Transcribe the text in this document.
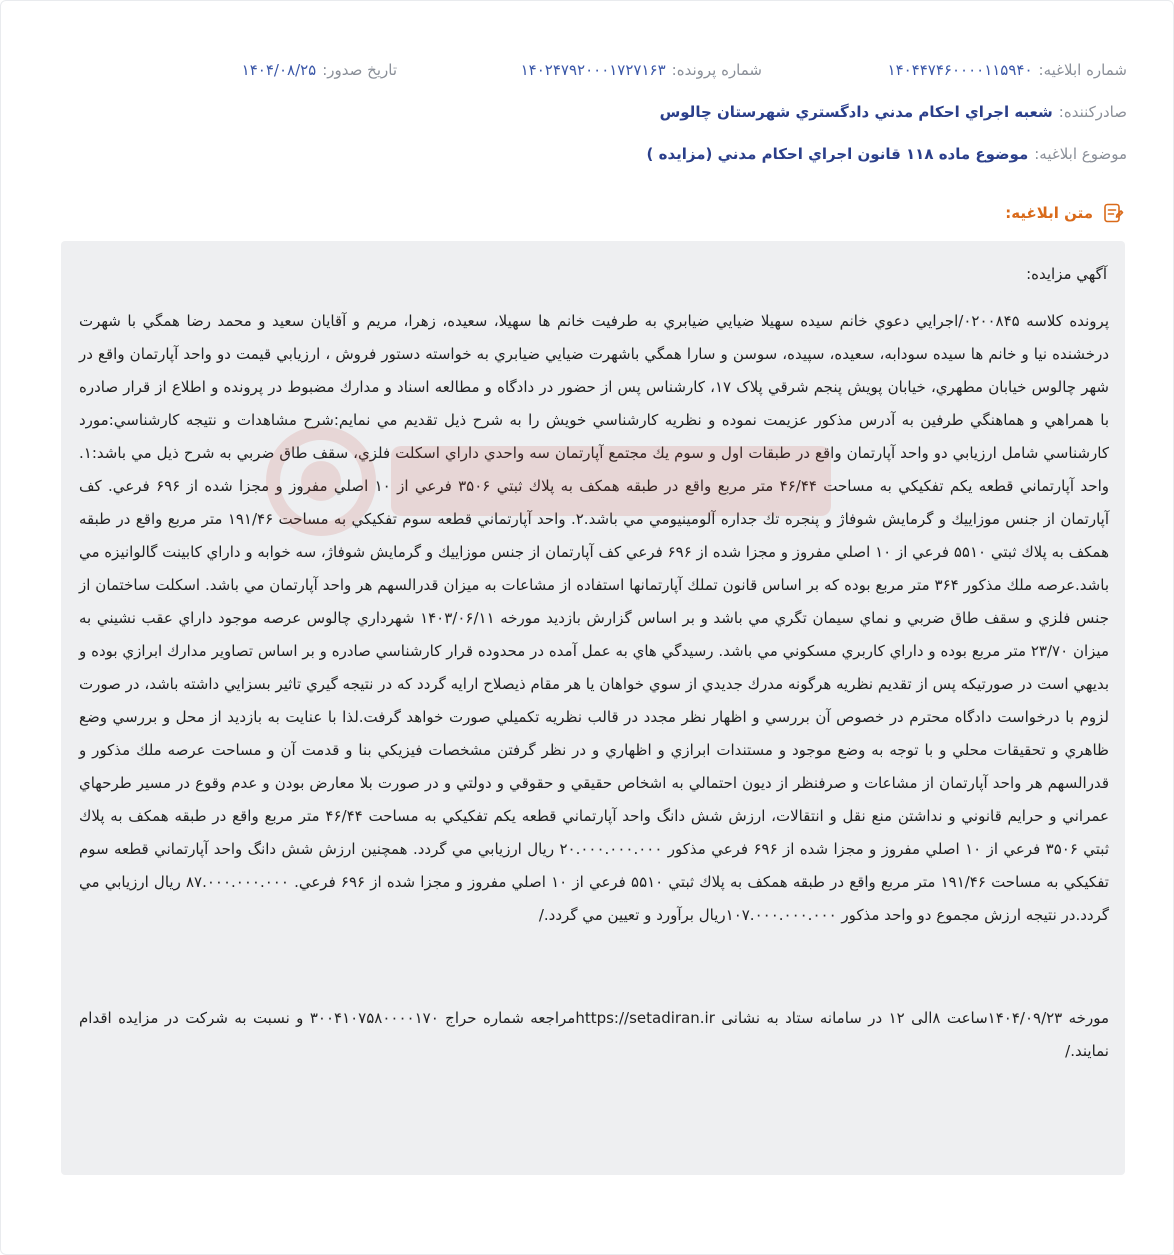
شماره ابلاغیه:
۱۴۰۴۴۷۴۶۰۰۰۰۱۱۵۹۴۰
شماره پرونده:
۱۴۰۲۴۷۹۲۰۰۰۱۷۲۷۱۶۳
تاریخ صدور:
۱۴۰۴/۰۸/۲۵
صادرکننده:
شعبه اجراي احکام مدني دادگستري شهرستان چالوس
موضوع ابلاغیه:
موضوع ماده ۱۱۸ قانون اجراي احکام مدني (مزايده )
متن ابلاغیه:

آگهي مزايده:

پرونده کلاسه ۰۲۰۰۸۴۵/اجرايي دعوي خانم سيده سهيلا ضيايي ضيابري به طرفيت خانم ها سهيلا، سعيده، زهرا، مريم و آقايان سعيد و محمد رضا همگي با شهرت درخشنده نيا و خانم ها سيده سودابه، سعيده، سپيده، سوسن و سارا همگي باشهرت ضيايي ضيابري به خواسته دستور فروش ، ارزيابي قيمت دو واحد آپارتمان واقع در شهر چالوس خيابان مطهري، خيابان پويش پنجم شرقي پلاک ۱۷، کارشناس پس از حضور در دادگاه و مطالعه اسناد و مدارك مضبوط در پرونده و اطلاع از قرار صادره با همراهي و هماهنگي طرفين به آدرس مذكور عزيمت نموده و نظريه كارشناسي خويش را به شرح ذيل تقديم مي نمايم:شرح مشاهدات و نتيجه كارشناسي:مورد كارشناسي شامل ارزيابي دو واحد آپارتمان واقع در طبقات اول و سوم يك مجتمع آپارتمان سه واحدي داراي اسكلت فلزي، سقف طاق ضربي به شرح ذيل مي باشد:۱. واحد آپارتماني قطعه يكم تفكيكي به مساحت ۴۶/۴۴ متر مربع واقع در طبقه همكف به پلاك ثبتي ۳۵۰۶ فرعي از ۱۰ اصلي مفروز و مجزا شده از ۶۹۶ فرعي. كف آپارتمان از جنس موزاييك و گرمايش شوفاژ و پنجره تك جداره آلومينيومي مي باشد.۲. واحد آپارتماني قطعه سوم تفكيكي به مساحت ۱۹۱/۴۶ متر مربع واقع در طبقه همكف به پلاك ثبتي ۵۵۱۰ فرعي از ۱۰ اصلي مفروز و مجزا شده از ۶۹۶ فرعي كف آپارتمان از جنس موزاييك و گرمايش شوفاژ، سه خوابه و داراي كابينت گالوانيزه مي باشد.عرصه ملك مذكور ۳۶۴ متر مربع بوده كه بر اساس قانون تملك آپارتمانها استفاده از مشاعات به ميزان قدرالسهم هر واحد آپارتمان مي باشد. اسكلت ساختمان از جنس فلزي و سقف طاق ضربي و نماي سيمان تگري مي باشد و بر اساس گزارش بازديد مورخه ۱۴۰۳/۰۶/۱۱ شهرداري چالوس عرصه موجود داراي عقب نشيني به ميزان ۲۳/۷۰ متر مربع بوده و داراي كاربري مسكوني مي باشد. رسيدگي هاي به عمل آمده در محدوده قرار كارشناسي صادره و بر اساس تصاوير مدارك ابرازي بوده و بديهي است در صورتيكه پس از تقديم نظريه هرگونه مدرك جديدي از سوي خواهان يا هر مقام ذيصلاح ارايه گردد كه در نتيجه گيري تاثير بسزايي داشته باشد، در صورت لزوم با درخواست دادگاه محترم در خصوص آن بررسي و اظهار نظر مجدد در قالب نظريه تكميلي صورت خواهد گرفت.لذا با عنايت به بازديد از محل و بررسي وضع ظاهري و تحقيقات محلي و با توجه به وضع موجود و مستندات ابرازي و اظهاري و در نظر گرفتن مشخصات فيزيكي بنا و قدمت آن و مساحت عرصه ملك مذكور و قدرالسهم هر واحد آپارتمان از مشاعات و صرفنظر از ديون احتمالي به اشخاص حقيقي و حقوقي و دولتي و در صورت بلا معارض بودن و عدم وقوع در مسير طرحهاي عمراني و حرايم قانوني و نداشتن منع نقل و انتقالات، ارزش شش دانگ واحد آپارتماني قطعه يكم تفكيكي به مساحت ۴۶/۴۴ متر مربع واقع در طبقه همكف به پلاك ثبتي ۳۵۰۶ فرعي از ۱۰ اصلي مفروز و مجزا شده از ۶۹۶ فرعي مذكور ۲۰.۰۰۰.۰۰۰.۰۰۰ ريال ارزيابي مي گردد. همچنين ارزش شش دانگ واحد آپارتماني قطعه سوم تفكيكي به مساحت ۱۹۱/۴۶ متر مربع واقع در طبقه همكف به پلاك ثبتي ۵۵۱۰ فرعي از ۱۰ اصلي مفروز و مجزا شده از ۶۹۶ فرعي. ۸۷.۰۰۰.۰۰۰.۰۰۰ ريال ارزيابي مي گردد.در نتيجه ارزش مجموع دو واحد مذكور ۱۰۷.۰۰۰.۰۰۰.۰۰۰ريال برآورد و تعيين مي گردد./

مورخه ۱۴۰۴/۰۹/۲۳ساعت ۸الی ۱۲ در سامانه ستاد به نشانی https://setadiran.irمراجعه شماره حراج ۳۰۰۴۱۰۷۵۸۰۰۰۰۱۷۰ و نسبت به شرکت در مزایده اقدام نمایند./
